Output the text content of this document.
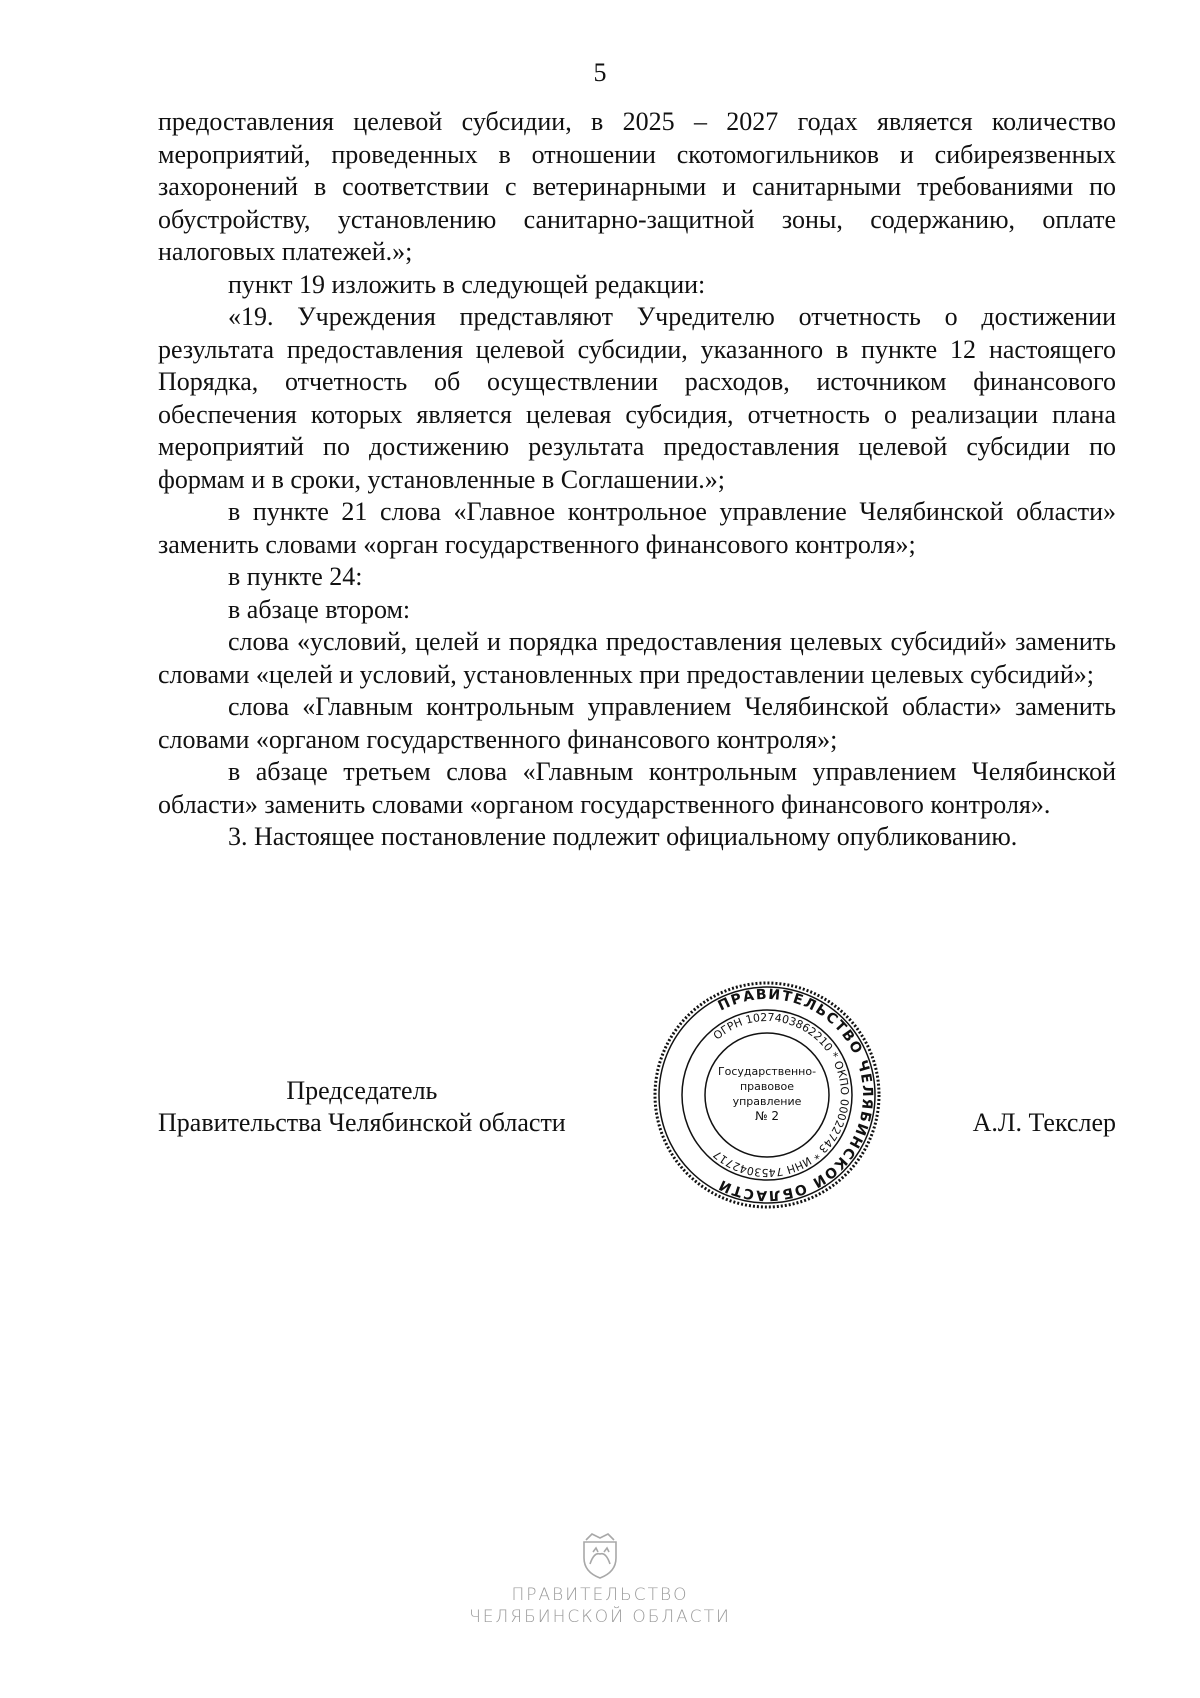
5

предоставления целевой субсидии, в 2025 – 2027 годах является количество мероприятий, проведенных в отношении скотомогильников и сибиреязвенных захоронений в соответствии с ветеринарными и санитарными требованиями по обустройству, установлению санитарно-защитной зоны, содержанию, оплате налоговых платежей.»;

пункт 19 изложить в следующей редакции:

«19. Учреждения представляют Учредителю отчетность о достижении результата предоставления целевой субсидии, указанного в пункте 12 настоящего Порядка, отчетность об осуществлении расходов, источником финансового обеспечения которых является целевая субсидия, отчетность о реализации плана мероприятий по достижению результата предоставления целевой субсидии по формам и в сроки, установленные в Соглашении.»;

в пункте 21 слова «Главное контрольное управление Челябинской области» заменить словами «орган государственного финансового контроля»;

в пункте 24:

в абзаце втором:

слова «условий, целей и порядка предоставления целевых субсидий» заменить словами «целей и условий, установленных при предоставлении целевых субсидий»;

слова «Главным контрольным управлением Челябинской области» заменить словами «органом государственного финансового контроля»;

в абзаце третьем слова «Главным контрольным управлением Челябинской области» заменить словами «органом государственного финансового контроля».

3. Настоящее постановление подлежит официальному опубликованию.

Председатель
Правительства Челябинской области	А.Л. Текслер
ПРАВИТЕЛЬСТВО ЧЕЛЯБИНСКОЙ ОБЛАСТИ
ОГРН 1027403862210 * ОКПО 00022743 * ИНН 7453042717
Государственно-
правовое
управление
№ 2
ПРАВИТЕЛЬСТВО
ЧЕЛЯБИНСКОЙ ОБЛАСТИ
